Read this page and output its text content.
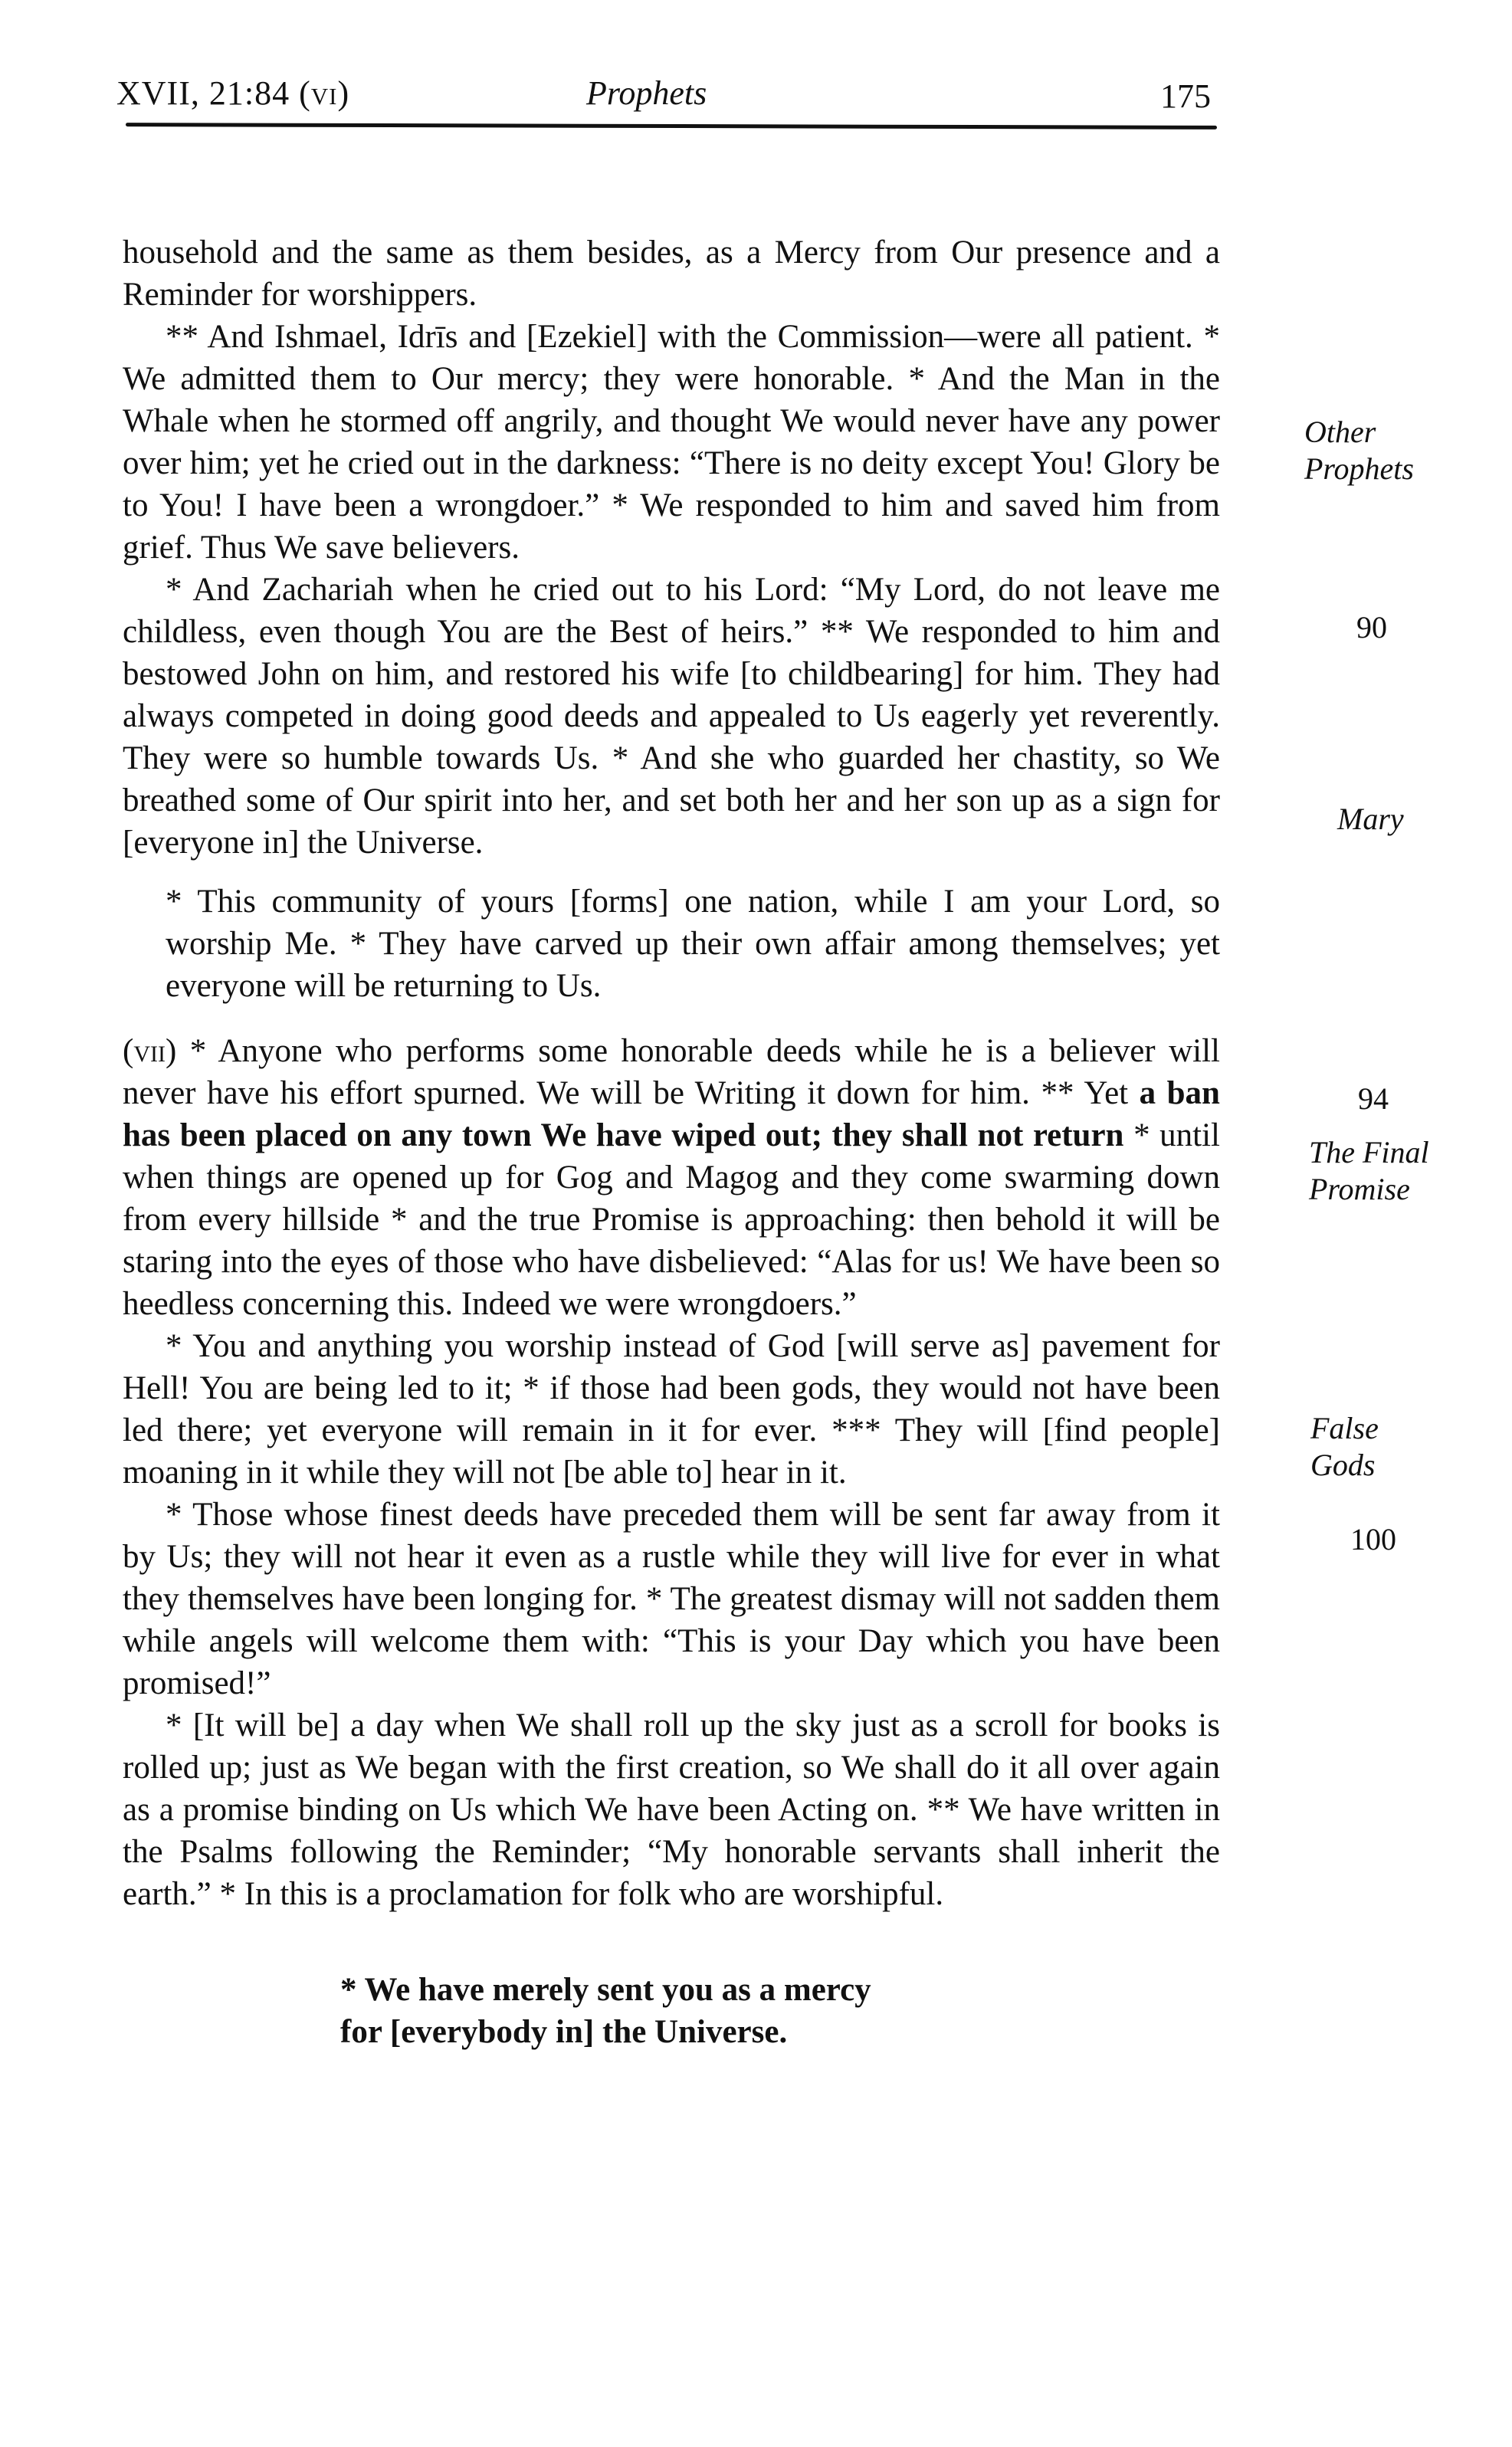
XVII, 21:84 (vi)	Prophets	175

household and the same as them besides, as a Mercy from Our presence and a Reminder for worshippers.

** And Ishmael, Idrīs and [Ezekiel] with the Commission—were all patient. * We admitted them to Our mercy; they were honorable. * And the Man in the Whale when he stormed off angrily, and thought We would never have any power over him; yet he cried out in the darkness: “There is no deity except You! Glory be to You! I have been a wrongdoer.” * We responded to him and saved him from grief. Thus We save believers.

* And Zachariah when he cried out to his Lord: “My Lord, do not leave me childless, even though You are the Best of heirs.” ** We responded to him and bestowed John on him, and restored his wife [to childbearing] for him. They had always competed in doing good deeds and appealed to Us eagerly yet reverently. They were so humble towards Us. * And she who guarded her chastity, so We breathed some of Our spirit into her, and set both her and her son up as a sign for [everyone in] the Universe.

* This community of yours [forms] one nation, while I am your Lord, so worship Me. * They have carved up their own affair among themselves; yet everyone will be returning to Us.

(vii) * Anyone who performs some honorable deeds while he is a believer will never have his effort spurned. We will be Writing it down for him. ** Yet a ban has been placed on any town We have wiped out; they shall not return * until when things are opened up for Gog and Magog and they come swarming down from every hillside * and the true Promise is approaching: then behold it will be staring into the eyes of those who have disbelieved: “Alas for us! We have been so heedless concerning this. Indeed we were wrongdoers.”

* You and anything you worship instead of God [will serve as] pavement for Hell! You are being led to it; * if those had been gods, they would not have been led there; yet everyone will remain in it for ever. *** They will [find people] moaning in it while they will not [be able to] hear in it.

* Those whose finest deeds have preceded them will be sent far away from it by Us; they will not hear it even as a rustle while they will live for ever in what they themselves have been longing for. * The greatest dismay will not sadden them while angels will welcome them with: “This is your Day which you have been promised!”

* [It will be] a day when We shall roll up the sky just as a scroll for books is rolled up; just as We began with the first creation, so We shall do it all over again as a promise binding on Us which We have been Acting on. ** We have written in the Psalms following the Reminder; “My honorable servants shall inherit the earth.” * In this is a proclamation for folk who are worshipful.

* We have merely sent you as a mercy
for [everybody in] the Universe.

Other
Prophets
90
Mary
94
The Final
Promise
False
Gods
100
